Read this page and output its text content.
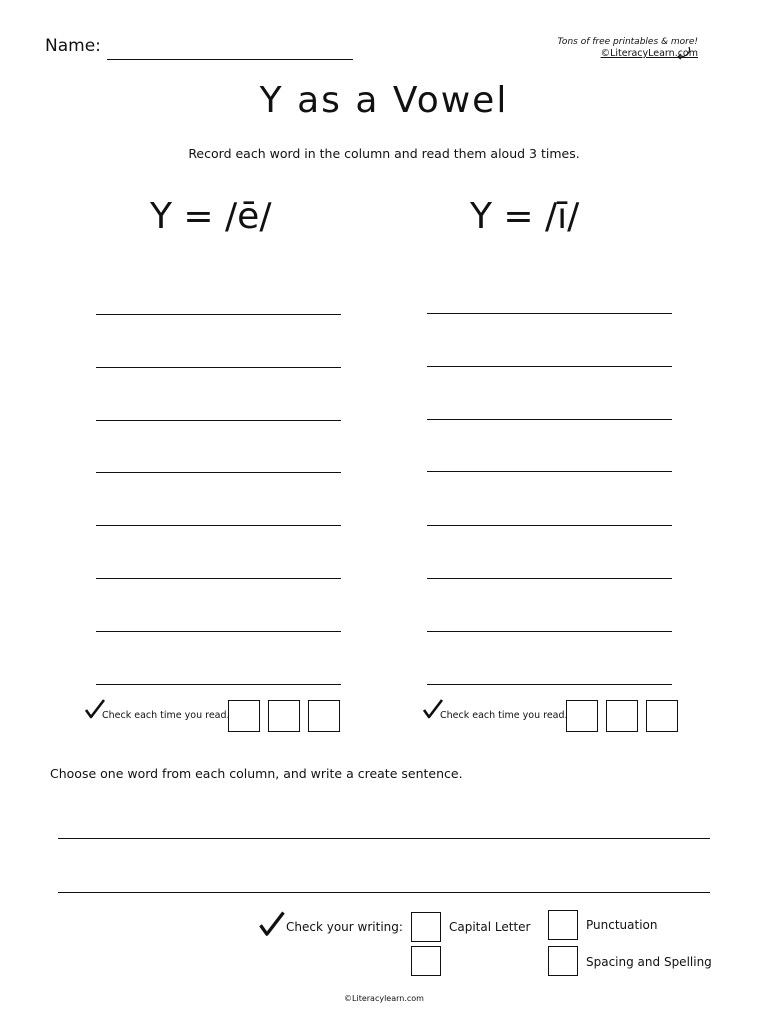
Name:	Tons of free printables & more!
©LiteracyLearn.com
Y as a Vowel
Record each word in the column and read them aloud 3 times.
Y = /ē/	Y = /ī/
Check each time you read.	Check each time you read.
Choose one word from each column, and write a create sentence.
Check your writing:	Capital Letter	Punctuation
Spacing and Spelling
©Literacylearn.com
